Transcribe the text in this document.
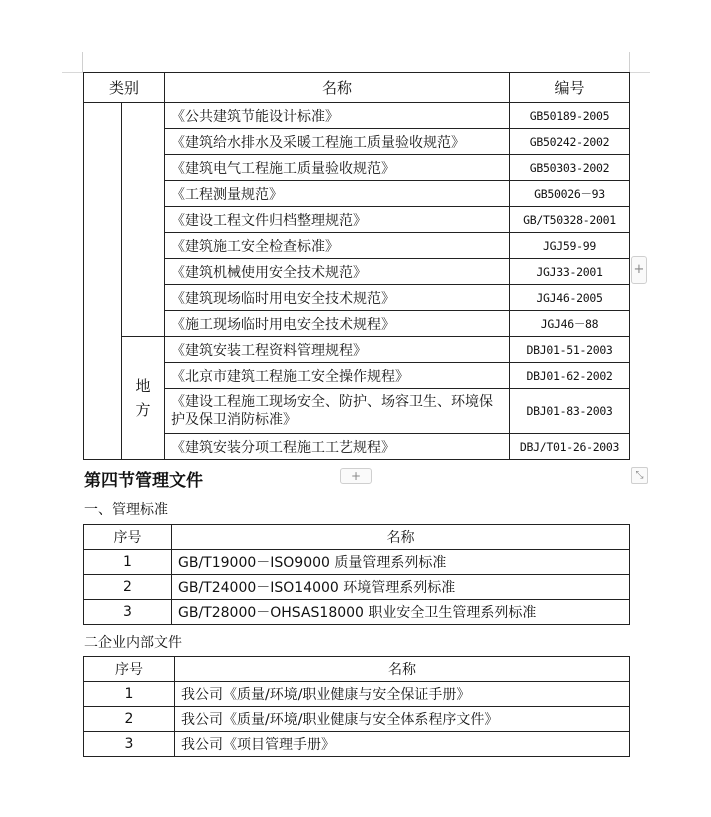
类别		名称	编号
		《公共建筑节能设计标准》	GB50189-2005
		《建筑给水排水及采暖工程施工质量验收规范》	GB50242-2002
		《建筑电气工程施工质量验收规范》	GB50303-2002
		《工程测量规范》	GB50026－93
		《建设工程文件归档整理规范》	GB/T50328-2001
		《建筑施工安全检查标准》	JGJ59-99
		《建筑机械使用安全技术规范》	JGJ33-2001
		《建筑现场临时用电安全技术规范》	JGJ46-2005
		《施工现场临时用电安全技术规程》	JGJ46－88

	地方	《建筑安装工程资料管理规程》	DBJ01-51-2003
		《北京市建筑工程施工安全操作规程》	DBJ01-62-2002
		《建设工程施工现场安全、防护、场容卫生、环境保护及保卫消防标准》	DBJ01-83-2003
		《建筑安装分项工程施工工艺规程》	DBJ/T01-26-2003
+
+	⤡
第四节管理文件
一、管理标准
序号	名称
1	GB/T19000－ISO9000 质量管理系列标准
2	GB/T24000－ISO14000 环境管理系列标准
3	GB/T28000－OHSAS18000 职业安全卫生管理系列标准
二企业内部文件
序号	名称
1	我公司《质量/环境/职业健康与安全保证手册》
2	我公司《质量/环境/职业健康与安全体系程序文件》
3	我公司《项目管理手册》
